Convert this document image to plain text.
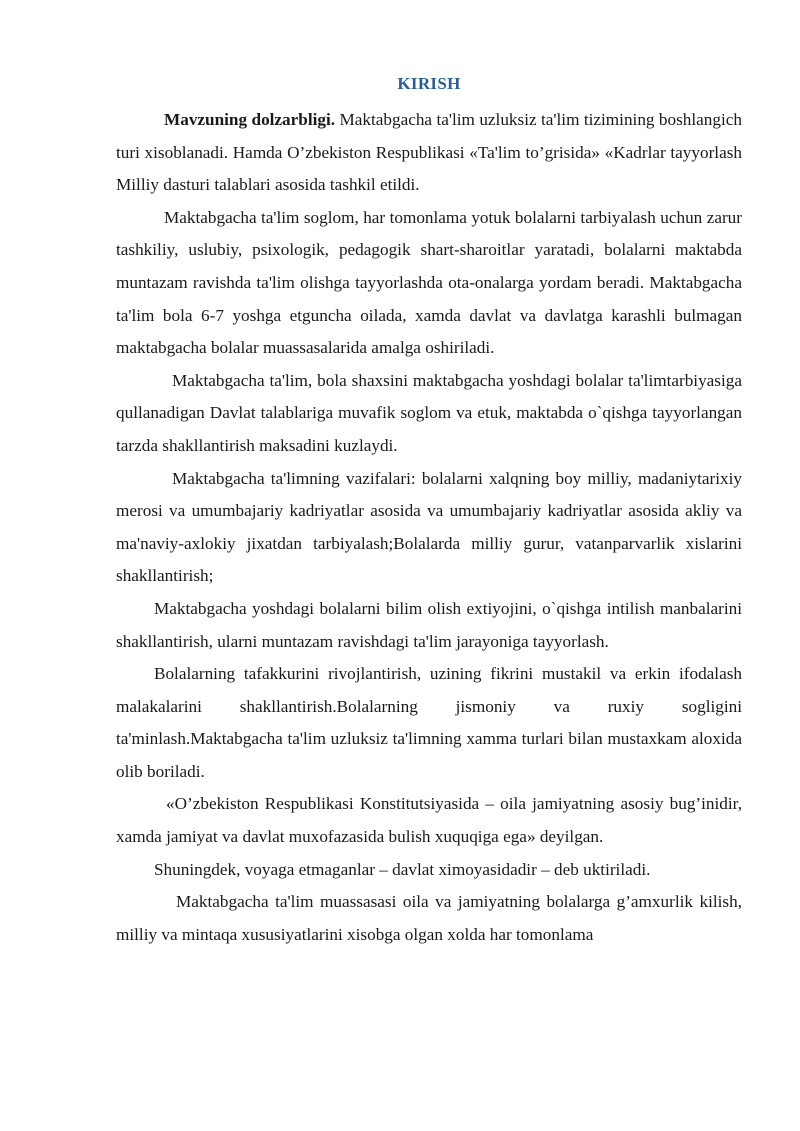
KIRISH

Mavzuning dolzarbligi. Maktabgacha ta'lim uzluksiz ta'lim tizimining boshlangich turi xisoblanadi. Hamda O’zbekiston Respublikasi «Ta'lim to’grisida» «Kadrlar tayyorlash Milliy dasturi talablari asosida tashkil etildi.

Maktabgacha ta'lim soglom, har tomonlama yotuk bolalarni tarbiyalash uchun zarur tashkiliy, uslubiy, psixologik, pedagogik shart-sharoitlar yaratadi, bolalarni maktabda muntazam ravishda ta'lim olishga tayyorlashda ota-onalarga yordam beradi. Maktabgacha ta'lim bola 6-7 yoshga etguncha oilada, xamda davlat va davlatga karashli bulmagan maktabgacha bolalar muassasalarida amalga oshiriladi.

Maktabgacha ta'lim, bola shaxsini maktabgacha yoshdagi bolalar ta'limtarbiyasiga qullanadigan Davlat talablariga muvafik soglom va etuk, maktabda o`qishga tayyorlangan tarzda shakllantirish maksadini kuzlaydi.

Maktabgacha ta'limning vazifalari: bolalarni xalqning boy milliy, madaniytarixiy merosi va umumbajariy kadriyatlar asosida va umumbajariy kadriyatlar asosida akliy va ma'naviy-axlokiy jixatdan tarbiyalash;Bolalarda milliy gurur, vatanparvarlik xislarini shakllantirish;

Maktabgacha yoshdagi bolalarni bilim olish extiyojini, o`qishga intilish manbalarini shakllantirish, ularni muntazam ravishdagi ta'lim jarayoniga tayyorlash.

Bolalarning tafakkurini rivojlantirish, uzining fikrini mustakil va erkin ifodalash malakalarini shakllantirish.Bolalarning jismoniy va ruxiy sogligini ta'minlash.Maktabgacha ta'lim uzluksiz ta'limning xamma turlari bilan mustaxkam aloxida olib boriladi.

«O’zbekiston Respublikasi Konstitutsiyasida – oila jamiyatning asosiy bug’inidir, xamda jamiyat va davlat muxofazasida bulish xuquqiga ega» deyilgan.

Shuningdek, voyaga etmaganlar – davlat ximoyasidadir – deb uktiriladi.

Maktabgacha ta'lim muassasasi oila va jamiyatning bolalarga g’amxurlik kilish, milliy va mintaqa xususiyatlarini xisobga olgan xolda har tomonlama
